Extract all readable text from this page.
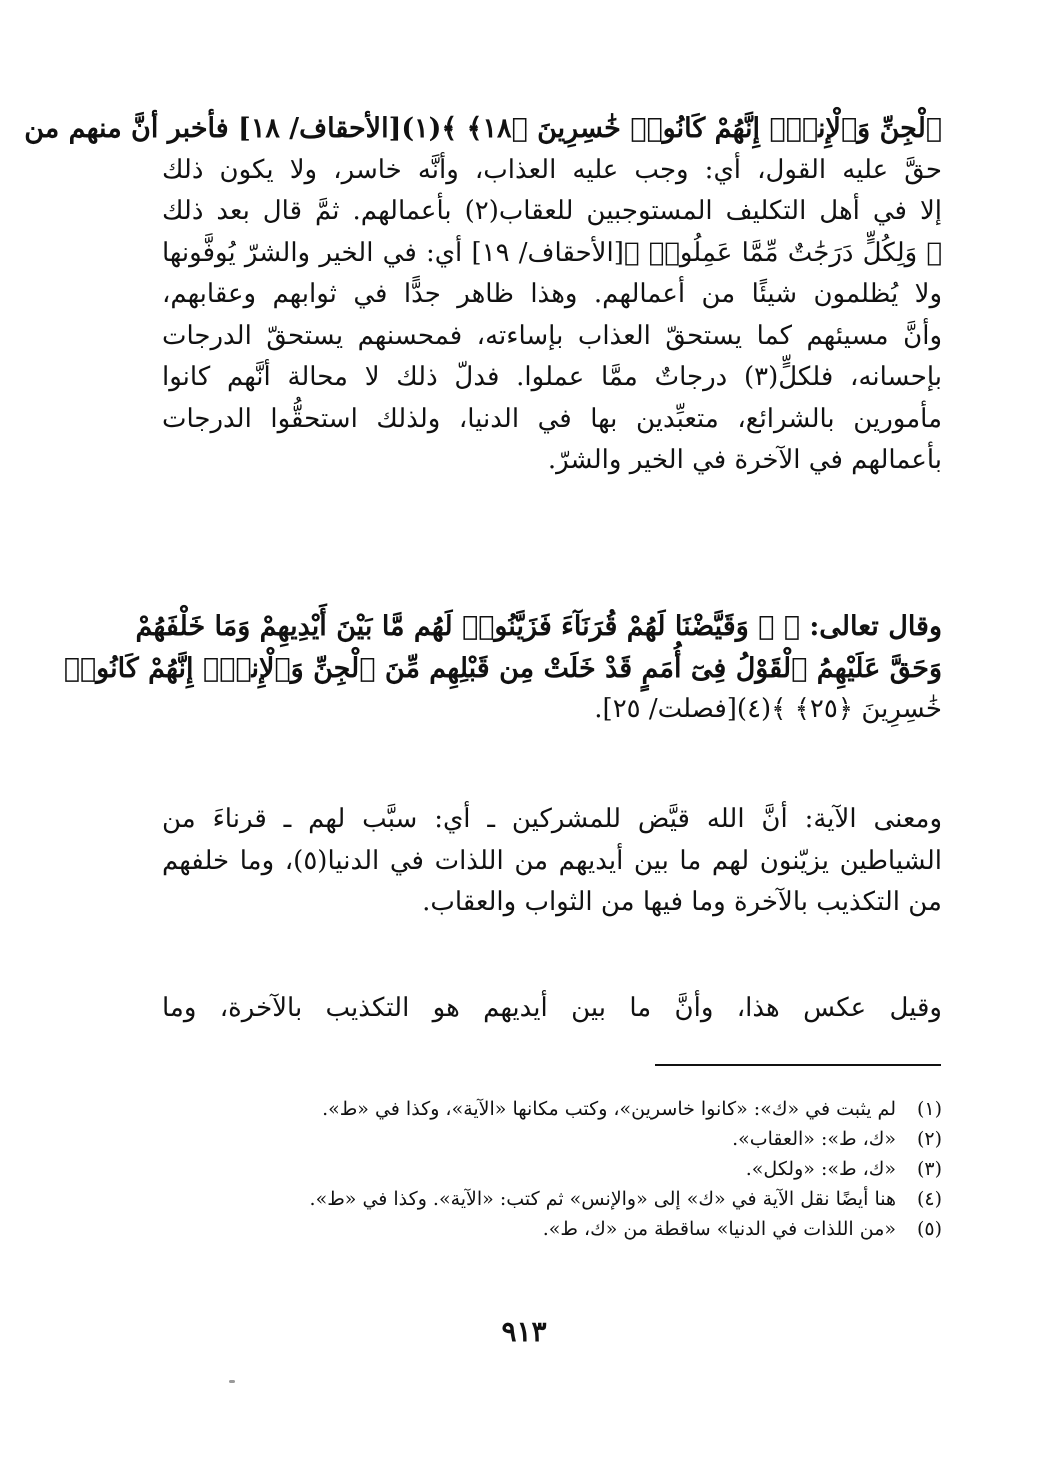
ٱلْجِنِّ وَٱلْإِنسِۖ إِنَّهُمْ كَانُوا۟ خَٰسِرِينَ ﴿١٨﴾ ﴾(١)[الأحقاف/ ١٨] فأخبر أنَّ منهم من
حقَّ عليه القول، أي: وجب عليه العذاب، وأنَّه خاسر، ولا يكون ذلك
إلا في أهل التكليف المستوجبين للعقاب(٢) بأعمالهم. ثمَّ قال بعد ذلك
﴿ وَلِكُلٍّ دَرَجَٰتٌ مِّمَّا عَمِلُوا۟ ﴾[الأحقاف/ ١٩] أي: في الخير والشرّ يُوفَّونها
ولا يُظلمون شيئًا من أعمالهم. وهذا ظاهر جدًّا في ثوابهم وعقابهم،
وأنَّ مسيئهم كما يستحقّ العذاب بإساءته، فمحسنهم يستحقّ الدرجات
بإحسانه، فلكلٍّ(٣) درجاتٌ ممَّا عملوا. فدلّ ذلك لا محالة أنَّهم كانوا
مأمورين بالشرائع، متعبِّدين بها في الدنيا، ولذلك استحقُّوا الدرجات
بأعمالهم في الآخرة في الخير والشرّ.
وقال تعالى: ﴿ ۞ وَقَيَّضْنَا لَهُمْ قُرَنَآءَ فَزَيَّنُوا۟ لَهُم مَّا بَيْنَ أَيْدِيهِمْ وَمَا خَلْفَهُمْ
وَحَقَّ عَلَيْهِمُ ٱلْقَوْلُ فِىٓ أُمَمٍ قَدْ خَلَتْ مِن قَبْلِهِم مِّنَ ٱلْجِنِّ وَٱلْإِنسِۖ إِنَّهُمْ كَانُوا۟
خَٰسِرِينَ ﴿٢٥﴾ ﴾(٤)[فصلت/ ٢٥].
ومعنى الآية: أنَّ الله قيَّض للمشركين ـ أي: سبَّب لهم ـ قرناءَ من
الشياطين يزيّنون لهم ما بين أيديهم من اللذات في الدنيا(٥)، وما خلفهم
من التكذيب بالآخرة وما فيها من الثواب والعقاب.
وقيل عكس هذا، وأنَّ ما بين أيديهم هو التكذيب بالآخرة، وما
(١)
لم يثبت في «ك»: «كانوا خاسرين»، وكتب مكانها «الآية»، وكذا في «ط».
(٢)
«ك، ط»: «العقاب».
(٣)
«ك، ط»: «ولكل».
(٤)
هنا أيضًا نقل الآية في «ك» إلى «والإنس» ثم كتب: «الآية». وكذا في «ط».
(٥)
«من اللذات في الدنيا» ساقطة من «ك، ط».
٩١٣
